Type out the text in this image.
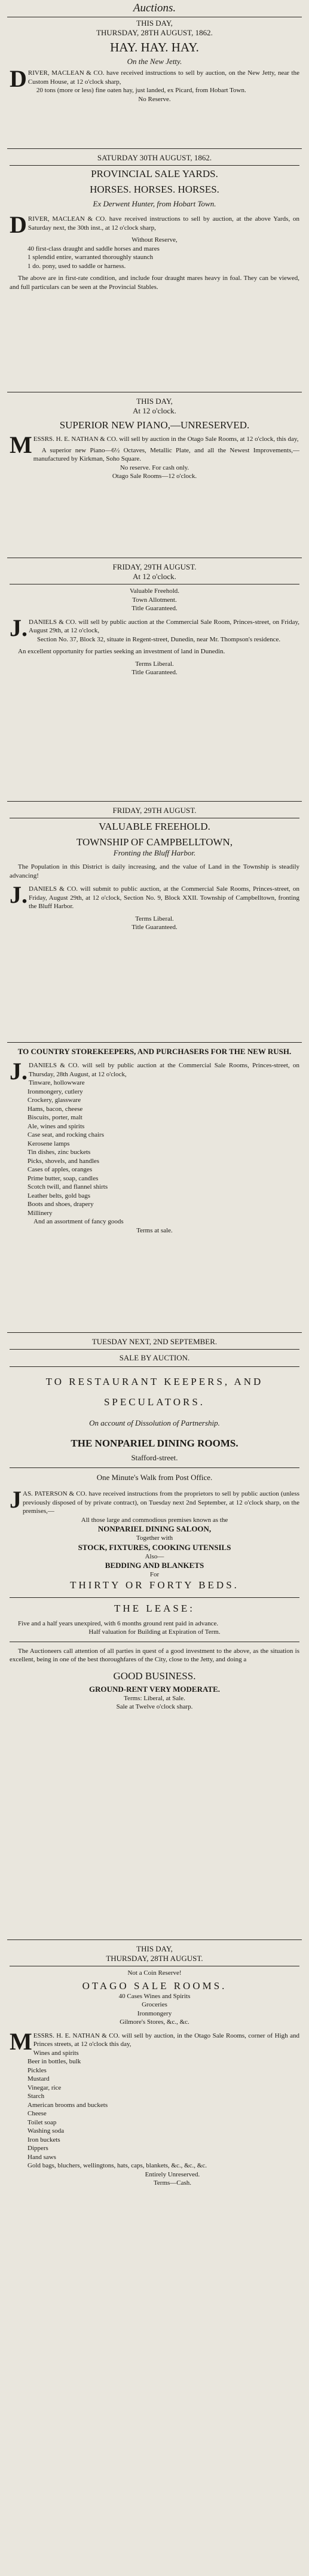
Auctions.
THIS DAY,
THURSDAY, 28TH AUGUST, 1862.
HAY. HAY. HAY.
On the New Jetty.

DRIVER, MACLEAN & CO. have received instructions to sell by auction, on the New Jetty, near the Custom House, at 12 o'clock sharp,

20 tons (more or less) fine oaten hay, just landed, ex Picard, from Hobart Town.

No Reserve.
SATURDAY 30TH AUGUST, 1862.
PROVINCIAL SALE YARDS.
HORSES. HORSES. HORSES.
Ex Derwent Hunter, from Hobart Town.

DRIVER, MACLEAN & CO. have received instructions to sell by auction, at the above Yards, on Saturday next, the 30th inst., at 12 o'clock sharp,

Without Reserve,
40 first-class draught and saddle horses and mares
1 splendid entire, warranted thoroughly staunch
1 do. pony, used to saddle or harness.

The above are in first-rate condition, and include four draught mares heavy in foal. They can be viewed, and full particulars can be seen at the Provincial Stables.

THIS DAY,
At 12 o'clock.
SUPERIOR NEW PIANO,—UNRESERVED.

MESSRS. H. E. NATHAN & CO. will sell by auction in the Otago Sale Rooms, at 12 o'clock, this day,

A superior new Piano—6½ Octaves, Metallic Plate, and all the Newest Improvements,—manufactured by Kirkman, Soho Square.

No reserve. For cash only.
Otago Sale Rooms—12 o'clock.
FRIDAY, 29TH AUGUST.
At 12 o'clock.
Valuable Freehold.
Town Allotment.
Title Guaranteed.

J.DANIELS & CO. will sell by public auction at the Commercial Sale Room, Princes-street, on Friday, August 29th, at 12 o'clock,

Section No. 37, Block 32, situate in Regent-street, Dunedin, near Mr. Thompson's residence.

An excellent opportunity for parties seeking an investment of land in Dunedin.

Terms Liberal.
Title Guaranteed.
FRIDAY, 29TH AUGUST.
VALUABLE FREEHOLD.
TOWNSHIP OF CAMPBELLTOWN,
Fronting the Bluff Harbor.

The Population in this District is daily increasing, and the value of Land in the Township is steadily advancing!

J.DANIELS & CO. will submit to public auction, at the Commercial Sale Rooms, Princes-street, on Friday, August 29th, at 12 o'clock, Section No. 9, Block XXII. Township of Campbelltown, fronting the Bluff Harbor.

Terms Liberal.
Title Guaranteed.
TO COUNTRY STOREKEEPERS, AND PURCHASERS FOR THE NEW RUSH.

J.DANIELS & CO. will sell by public auction at the Commercial Sale Rooms, Princes-street, on Thursday, 28th August, at 12 o'clock,

Tinware, hollowware
Ironmongery, cutlery
Crockery, glassware
Hams, bacon, cheese
Biscuits, porter, malt
Ale, wines and spirits
Case seat, and rocking chairs
Kerosene lamps
Tin dishes, zinc buckets
Picks, shovels, and handles
Cases of apples, oranges
Prime butter, soap, candles
Scotch twill, and flannel shirts
Leather belts, gold bags
Boots and shoes, drapery
Millinery
And an assortment of fancy goods
Terms at sale.
TUESDAY NEXT, 2ND SEPTEMBER.
SALE BY AUCTION.
TO RESTAURANT KEEPERS, AND SPECULATORS.
On account of Dissolution of Partnership.
THE NONPARIEL DINING ROOMS.
Stafford-street.
One Minute's Walk from Post Office.

JAS. PATERSON & CO. have received instructions from the proprietors to sell by public auction (unless previously disposed of by private contract), on Tuesday next 2nd September, at 12 o'clock sharp, on the premises,—

All those large and commodious premises known as the
NONPARIEL DINING SALOON,
Together with
STOCK, FIXTURES, COOKING UTENSILS
Also—
BEDDING AND BLANKETS
For
THIRTY OR FORTY BEDS.
THE LEASE:

Five and a half years unexpired, with 6 months ground rent paid in advance.

Half valuation for Building at Expiration of Term.

The Auctioneers call attention of all parties in quest of a good investment to the above, as the situation is excellent, being in one of the best thoroughfares of the City, close to the Jetty, and doing a

GOOD BUSINESS.
GROUND-RENT VERY MODERATE.
Terms: Liberal, at Sale.
Sale at Twelve o'clock sharp.
THIS DAY,
THURSDAY, 28TH AUGUST.
Not a Coin Reserve!
OTAGO SALE ROOMS.
40 Cases Wines and Spirits
Groceries
Ironmongery
Gilmore's Stores, &c., &c.

MESSRS. H. E. NATHAN & CO. will sell by auction, in the Otago Sale Rooms, corner of High and Princes streets, at 12 o'clock this day,

Wines and spirits
Beer in bottles, bulk
Pickles
Mustard
Vinegar, rice
Starch
American brooms and buckets
Cheese
Toilet soap
Washing soda
Iron buckets
Dippers
Hand saws
Gold bags, bluchers, wellingtons, hats, caps, blankets, &c., &c., &c.
Entirely Unreserved.
Terms—Cash.
